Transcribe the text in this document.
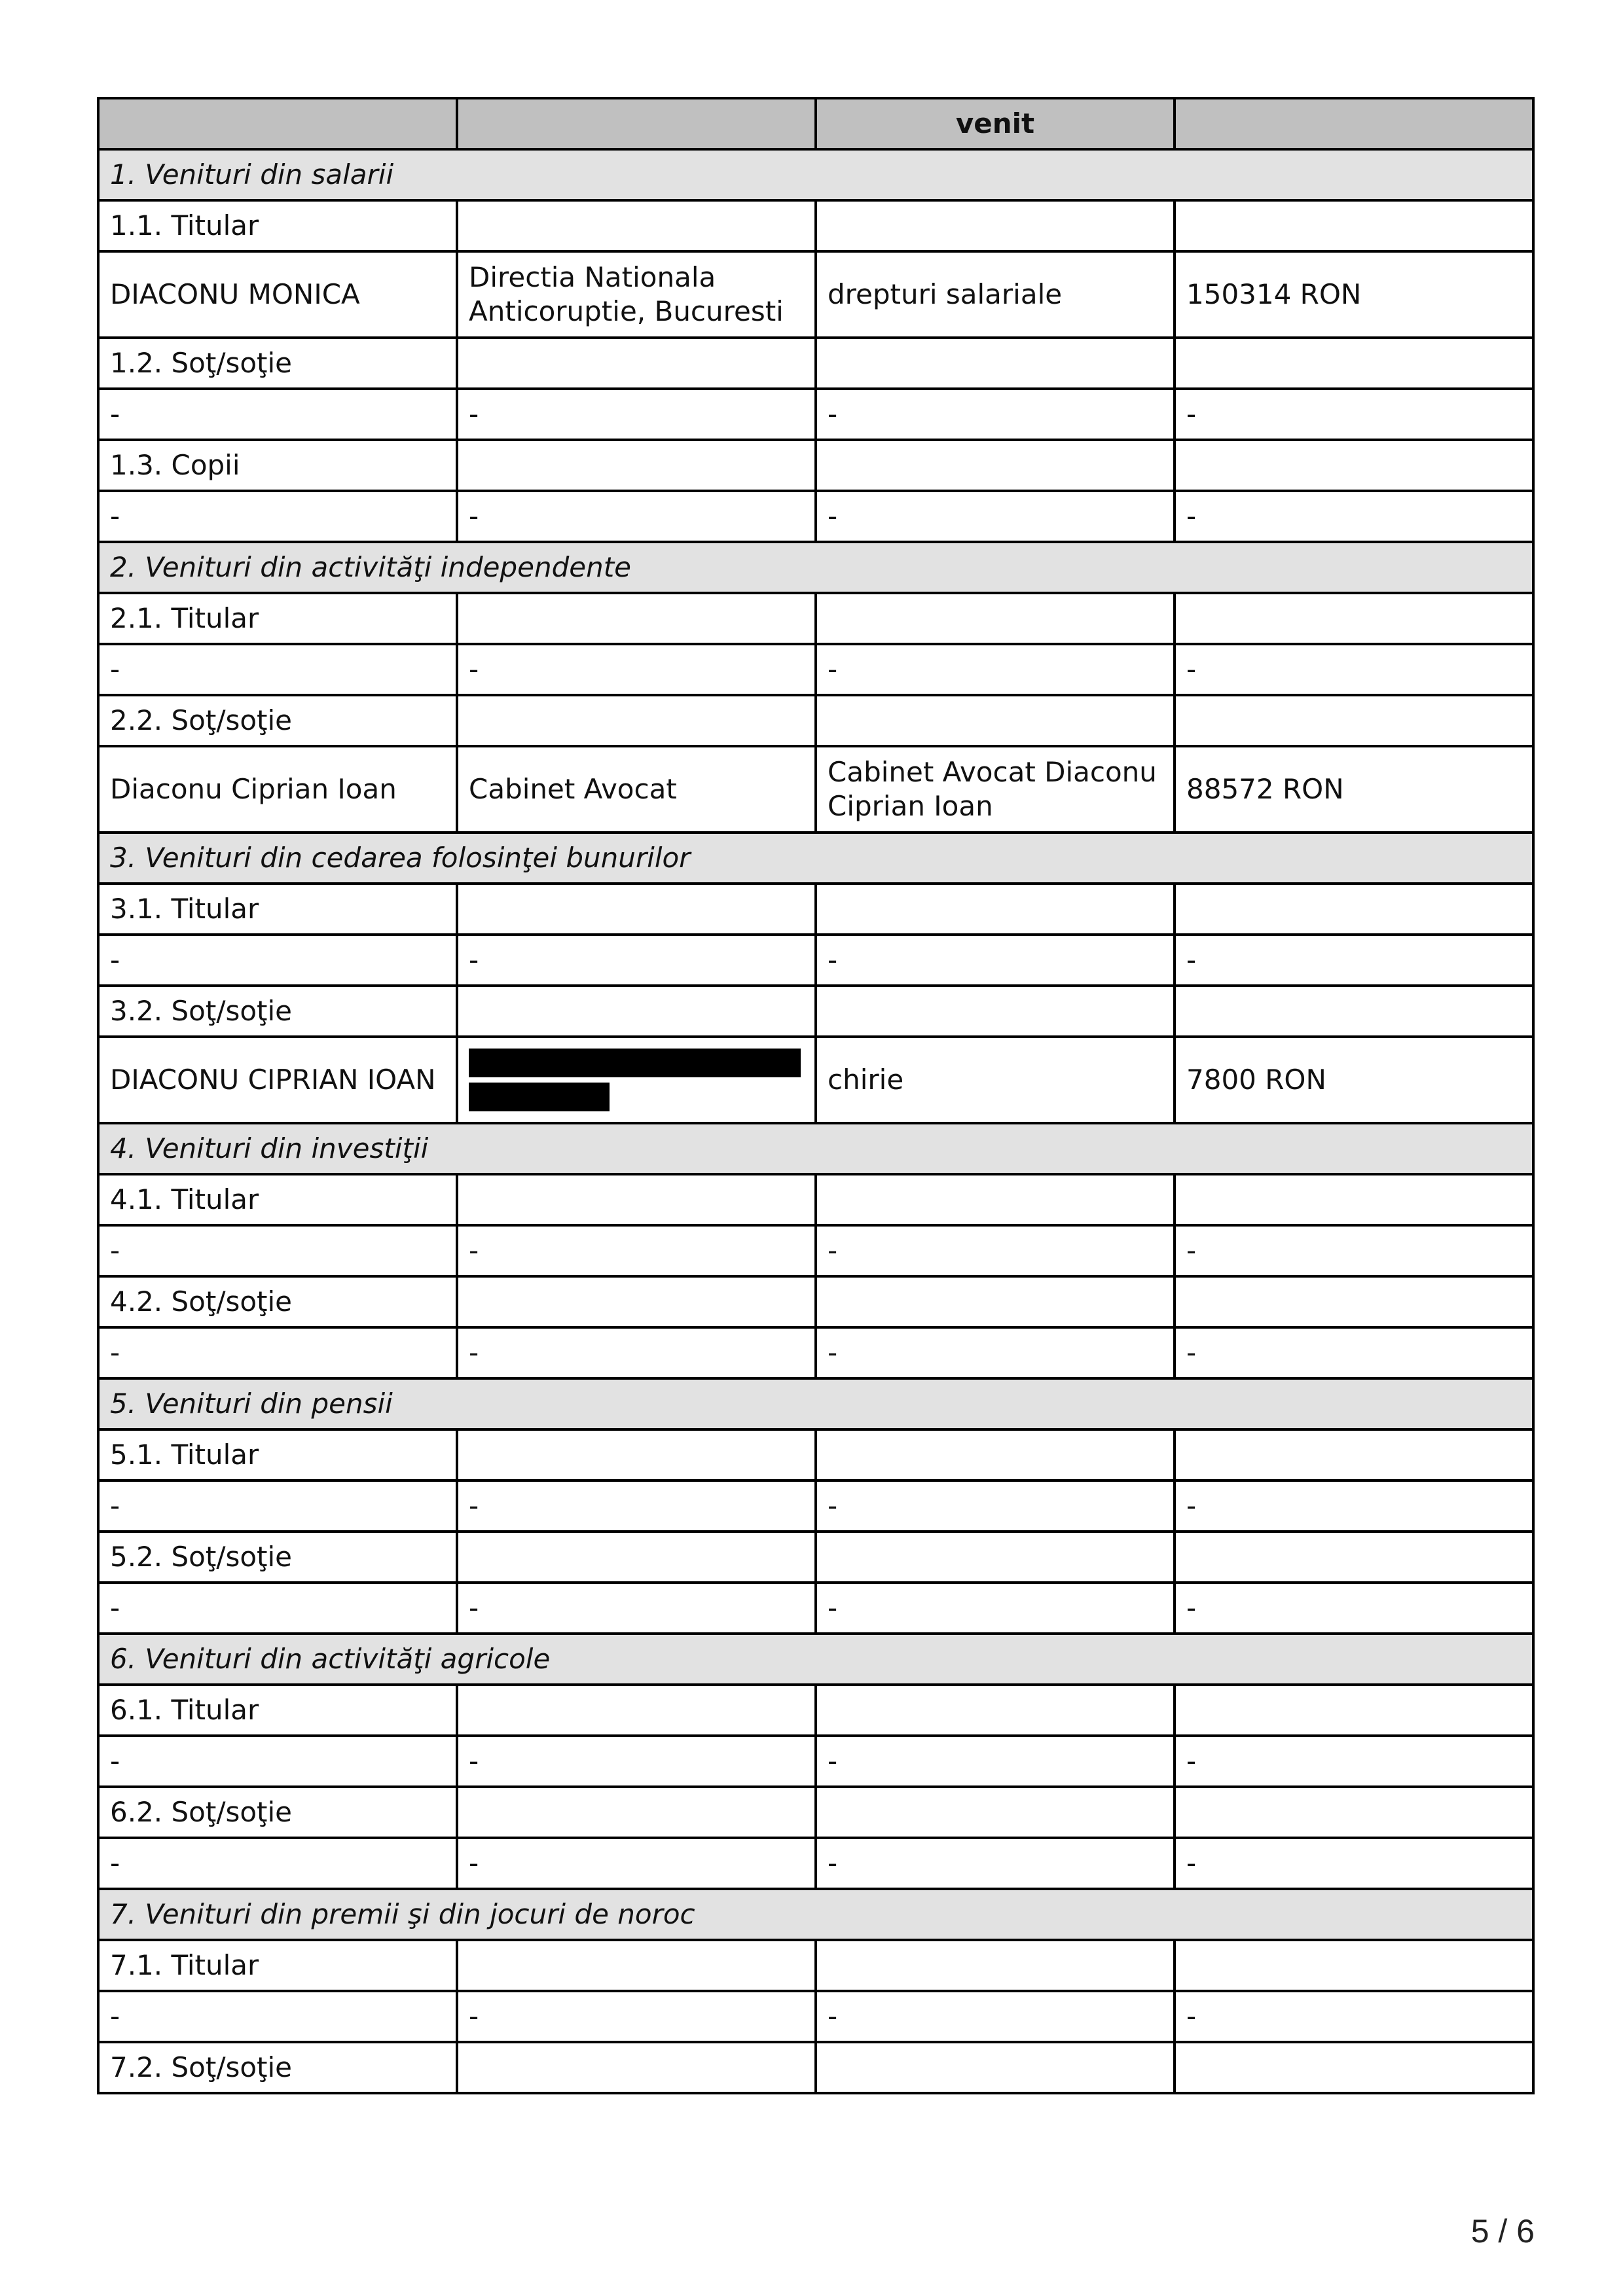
		venit	
1. Venituri din salarii			
1.1. Titular			
DIACONU MONICA	Directia Nationala Anticoruptie, Bucuresti	drepturi salariale	150314 RON
1.2. Soţ/soţie			
-	-	-	-
1.3. Copii			
-	-	-	-
2. Venituri din activităţi independente			
2.1. Titular			
-	-	-	-
2.2. Soţ/soţie			
Diaconu Ciprian Ioan	Cabinet Avocat	Cabinet Avocat Diaconu Ciprian Ioan	88572 RON
3. Venituri din cedarea folosinţei bunurilor			
3.1. Titular			
-	-	-	-
3.2. Soţ/soţie			
DIACONU CIPRIAN IOAN		chirie	7800 RON
4. Venituri din investiţii			
4.1. Titular			
-	-	-	-
4.2. Soţ/soţie			
-	-	-	-
5. Venituri din pensii			
5.1. Titular			
-	-	-	-
5.2. Soţ/soţie			
-	-	-	-
6. Venituri din activităţi agricole			
6.1. Titular			
-	-	-	-
6.2. Soţ/soţie			
-	-	-	-
7. Venituri din premii şi din jocuri de noroc			
7.1. Titular			
-	-	-	-
7.2. Soţ/soţie			
5 / 6
